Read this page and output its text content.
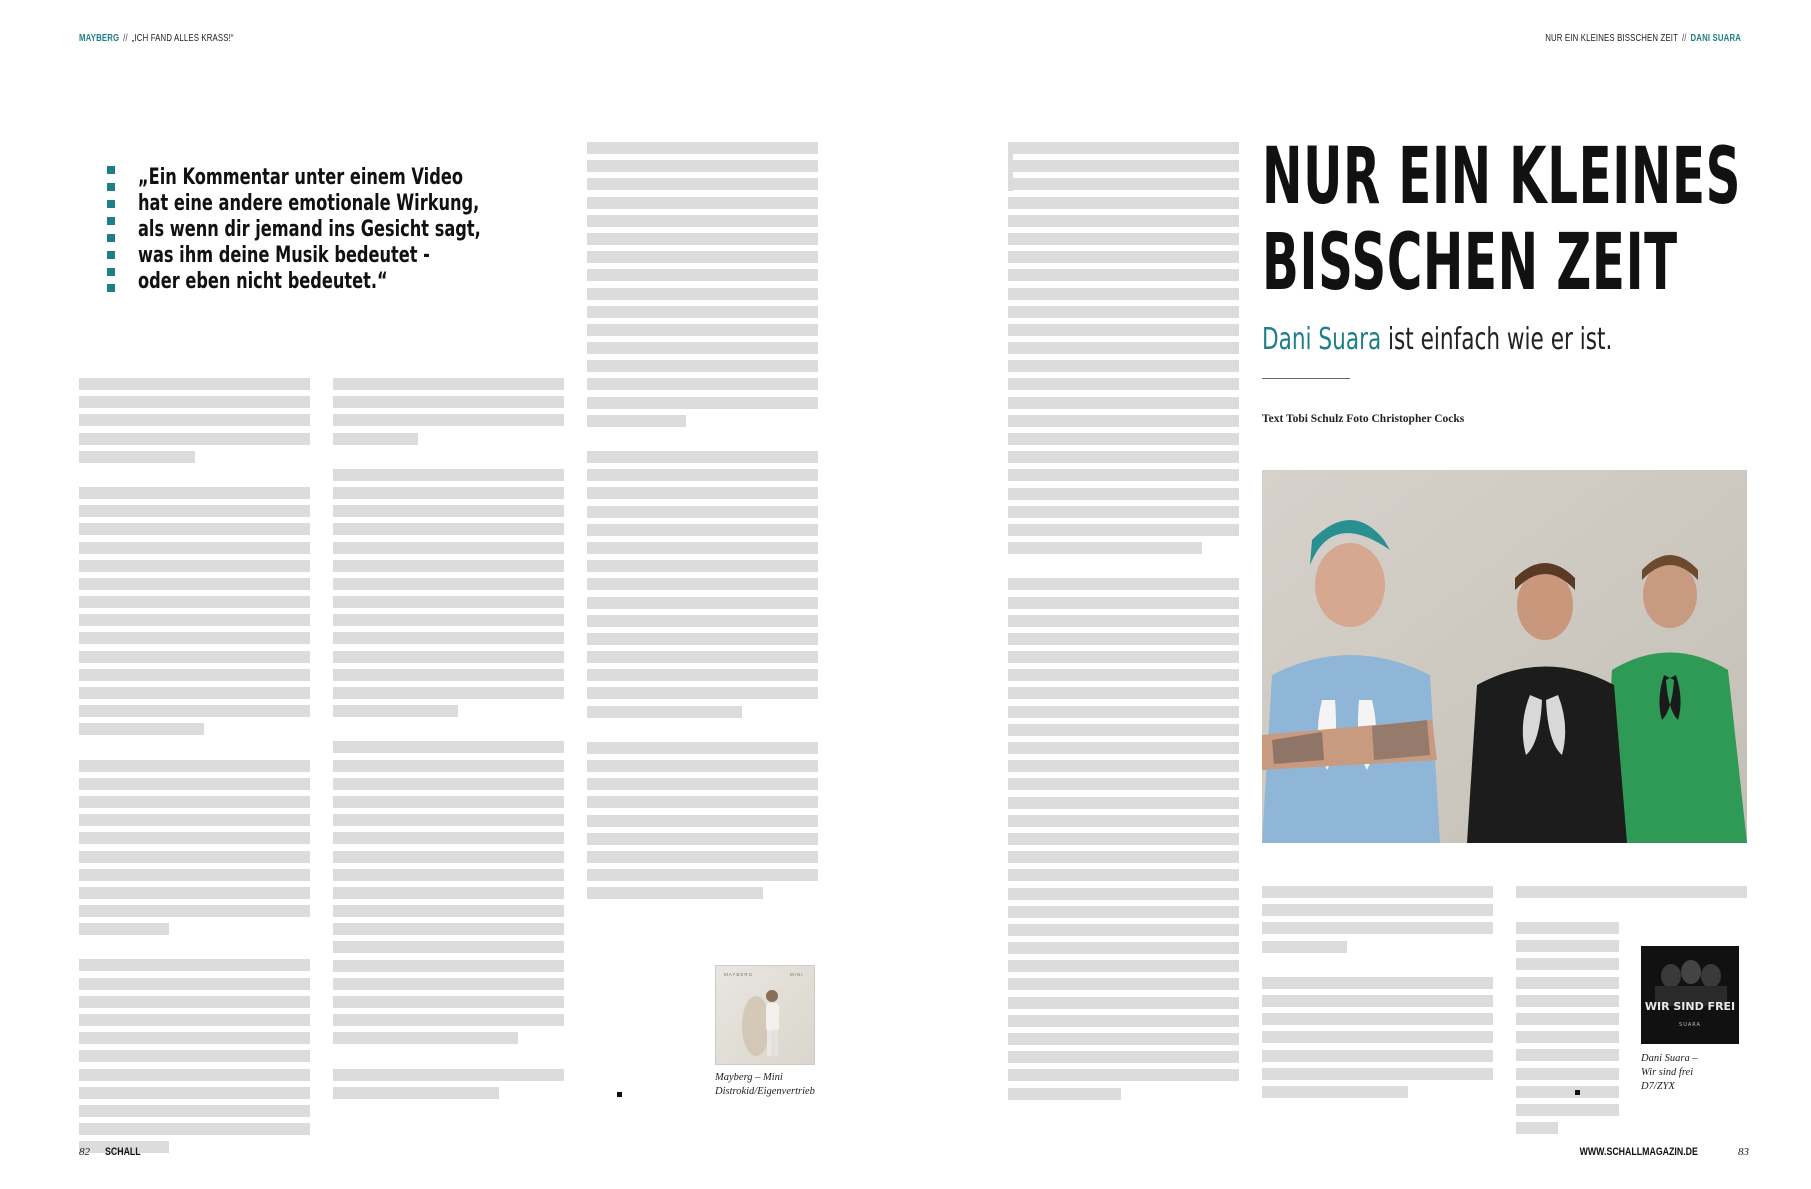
MAYBERG // „ICH FAND ALLES KRASS!“	NUR EIN KLEINES BISSCHEN ZEIT // DANI SUARA
„Ein Kommentar unter einem Video
hat eine andere emotionale Wirkung,
als wenn dir jemand ins Gesicht sagt,
was ihm deine Musik bedeutet -
oder eben nicht bedeutet.“
MAYBERG	MINI
Mayberg – Mini
Distrokid/Eigenvertrieb
NUR EIN KLEINES
BISSCHEN ZEIT
Dani Suara ist einfach wie er ist.
Text Tobi Schulz Foto Christopher Cocks
WIR SIND FREI
SUARA
Dani Suara –
Wir sind frei
D7/ZYX
82 SCHALL	WWW.SCHALLMAGAZIN.DE	83
